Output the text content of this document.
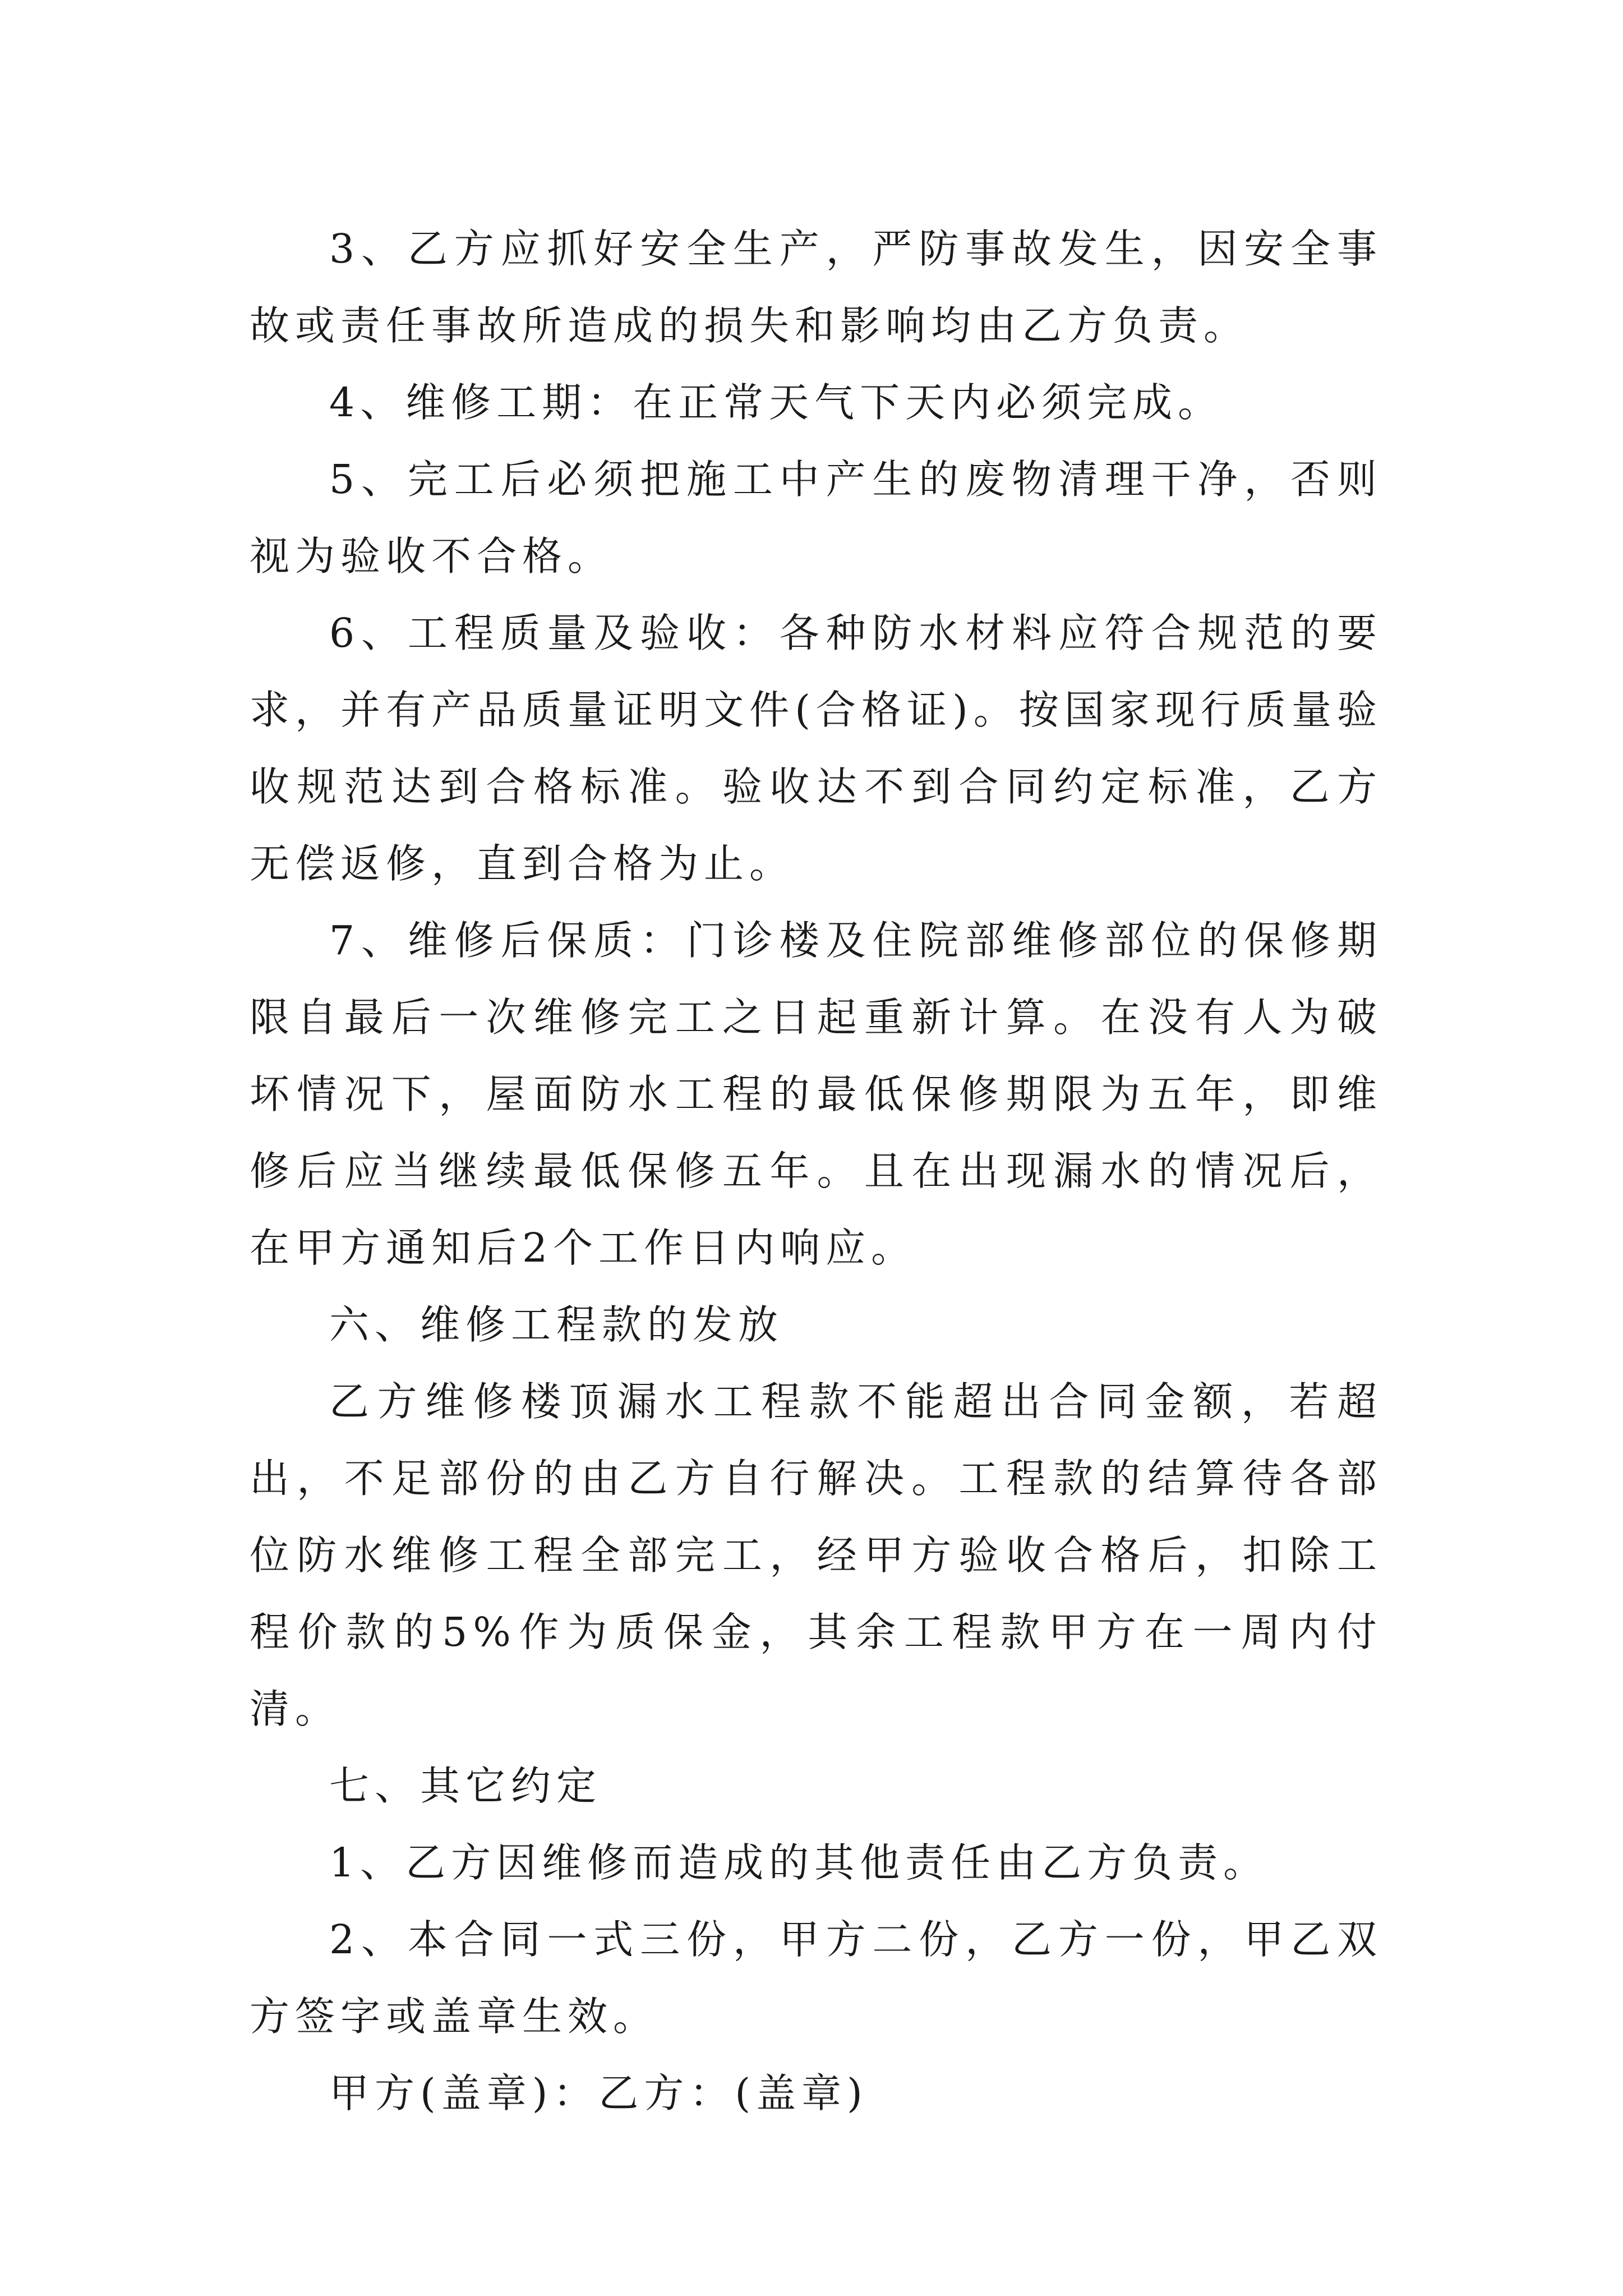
3、乙方应抓好安全生产，严防事故发生，因安全事故或责任事故所造成的损失和影响均由乙方负责。

4、维修工期：在正常天气下天内必须完成。

5、完工后必须把施工中产生的废物清理干净，否则视为验收不合格。

6、工程质量及验收：各种防水材料应符合规范的要求，并有产品质量证明文件(合格证)。按国家现行质量验收规范达到合格标准。验收达不到合同约定标准，乙方无偿返修，直到合格为止。

7、维修后保质：门诊楼及住院部维修部位的保修期限自最后一次维修完工之日起重新计算。在没有人为破坏情况下，屋面防水工程的最低保修期限为五年，即维修后应当继续最低保修五年。且在出现漏水的情况后，在甲方通知后2个工作日内响应。

六、维修工程款的发放

乙方维修楼顶漏水工程款不能超出合同金额，若超出，不足部份的由乙方自行解决。工程款的结算待各部位防水维修工程全部完工，经甲方验收合格后，扣除工程价款的5%作为质保金，其余工程款甲方在一周内付清。

七、其它约定

1、乙方因维修而造成的其他责任由乙方负责。

2、本合同一式三份，甲方二份，乙方一份，甲乙双方签字或盖章生效。

甲方(盖章)：乙方：(盖章)
